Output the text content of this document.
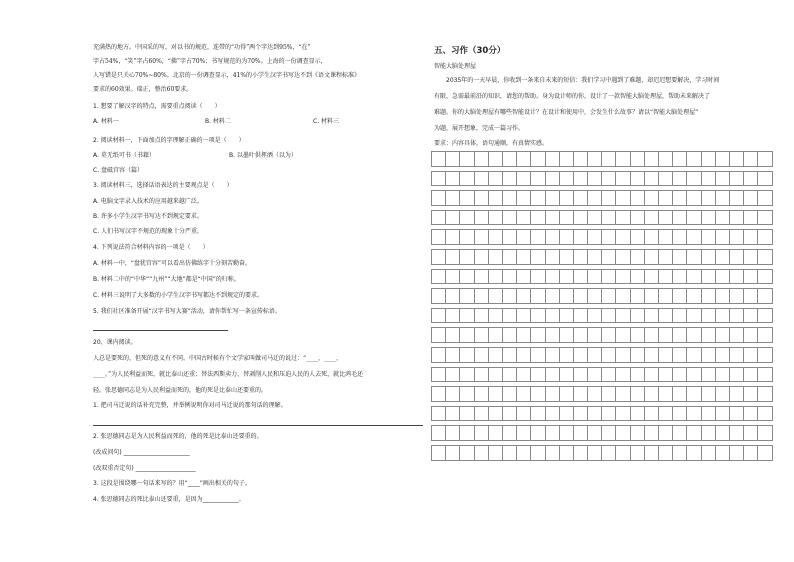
充满热的地方。中国采的写，对以书的规范，连带的“功得”两个字达到95%，“在”
字占54%，“笑”字占60%，“佛”字占70%；书写规范的为70%。上海的一份调查显示，
人写错是只关心70%~80%。北京的一份调查显示，41%的小学生汉字书写达不到《语文课程标准》
要求的60效果。瑞正，整治60要求。
1. 想要了解汉字的特点，需要重点阅读（　　）
A. 材料一	B. 材料二	C. 材料三
2. 阅读材料一，下面加点的字理解正确的一项是（　　）
A. 莫无纸可书（书籍）	B. 以墨叶供挥洒（以为）
C. 盘砥宫容（篇）
3. 阅读材料三，选择话语表达的主要观点是（　　）
A. 电脑文字录入技术的应用越来越广泛。
B. 许多小学生汉字书写达不到规定要求。
C. 人们书写汉字不规范的现象十分严重。
4. 下列说法符合材料内容的一项是（　　）
A. 材料一中，“盘犹宫容”可以看出仿佛练字十分刻苦勤奋。
B. 材料二中的“中华”“九州”“大地”都是“中国”的归称。
C. 材料三说明了大多数的小学生汉字书写都达不到规定的要求。
5. 我们社区准备开展“汉字书写大赛”活动，请你帮忙写一条宣传标语。
20、课内阅读。
人总是要死的，但死的意义有不同。中国古时候有个文学家叫做司马迁的说过：“____，____，
____。”为人民利益而死，就比泰山还重；替法西斯卖力，替剥削人民和压迫人民的人去死，就比鸿毛还
轻。张思德同志是为人民利益而死的，他的死是比泰山还要重的。
1. 把司马迁说的话补充完整，并举例说明你对司马迁说的那句话的理解。
2. 张思德同志是为人民利益而死的，他的死是比泰山还要重的。
(改成问句) ______________________
(改双重否定句) ____________________
3. 这段是围绕哪一句话来写的？用“____”画出相关的句子。
4. 张思德同志的死比泰山还要重，是因为____________。
五、习作（30分）
智能大脑处理屋
　　2035年的一天早晨，你收到一条来自未来的短信：我们学习中遇到了难题，却迟迟想要解决，学习时间
有限，急需最前沿的知识，请您的帮助。身为设计师的你，设计了一款智能大脑处理屋，帮助未来解决了
难题。你的大脑处理屋有哪些智能设计？在设计和使用中，会发生什么故事？请以“智能大脑处理屋”
为题，展开想象，完成一篇习作。
要求：内容具体，语句通顺，有真情实感。
